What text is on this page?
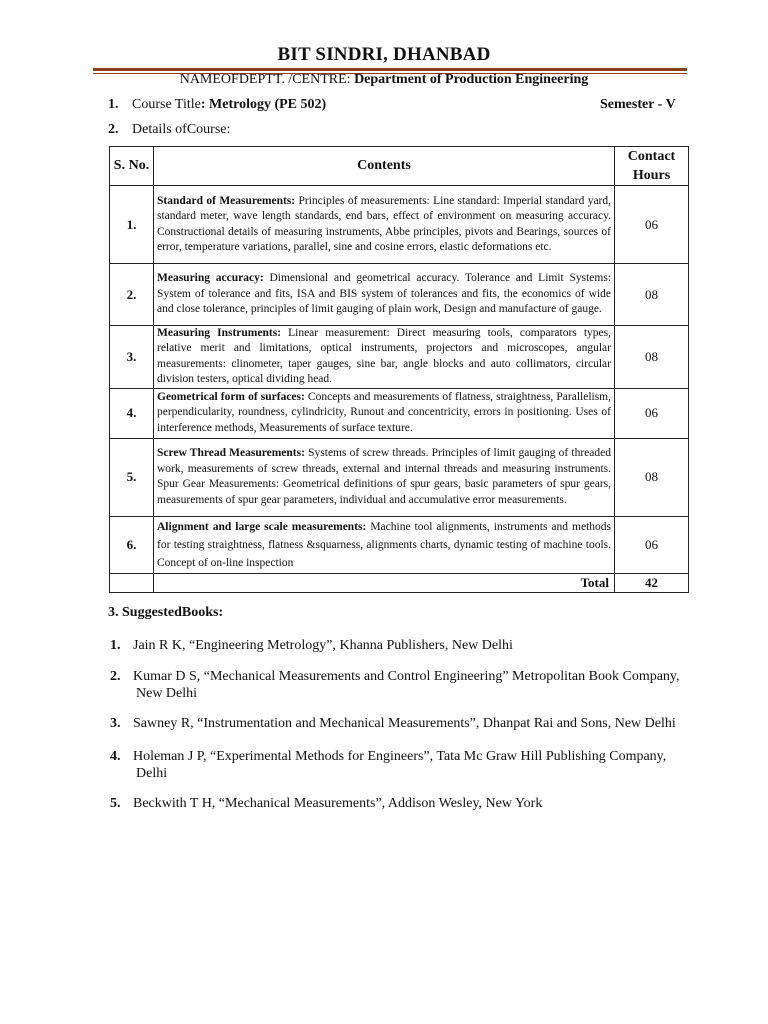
BIT SINDRI, DHANBAD
NAMEOFDEPTT. /CENTRE: Department of Production Engineering
1. Course Title: Metrology (PE 502)	Semester - V
2. Details ofCourse:
S. No.	Contents	Contact Hours
1.	Standard of Measurements: Principles of measurements: Line standard: Imperial standard yard, standard meter, wave length standards, end bars, effect of environment on measuring accuracy. Constructional details of measuring instruments, Abbe principles, pivots and Bearings, sources of error, temperature variations, parallel, sine and cosine errors, elastic deformations etc.	06
2.	Measuring accuracy: Dimensional and geometrical accuracy. Tolerance and Limit Systems: System of tolerance and fits, ISA and BIS system of tolerances and fits, the economics of wide and close tolerance, principles of limit gauging of plain work, Design and manufacture of gauge.	08
3.	Measuring Instruments: Linear measurement: Direct measuring tools, comparators types, relative merit and limitations, optical instruments, projectors and microscopes, angular measurements: clinometer, taper gauges, sine bar, angle blocks and auto collimators, circular division testers, optical dividing head.	08
4.	Geometrical form of surfaces: Concepts and measurements of flatness, straightness, Parallelism, perpendicularity, roundness, cylindricity, Runout and concentricity, errors in positioning. Uses of interference methods, Measurements of surface texture.	06
5.	Screw Thread Measurements: Systems of screw threads. Principles of limit gauging of threaded work, measurements of screw threads, external and internal threads and measuring instruments. Spur Gear Measurements: Geometrical definitions of spur gears, basic parameters of spur gears, measurements of spur gear parameters, individual and accumulative error measurements.	08
6.	Alignment and large scale measurements: Machine tool alignments, instruments and methods for testing straightness, flatness &squarness, alignments charts, dynamic testing of machine tools. Concept of on-line inspection	06
	Total	42
3. SuggestedBooks:
1. Jain R K, “Engineering Metrology”, Khanna Publishers, New Delhi
2. Kumar D S, “Mechanical Measurements and Control Engineering” Metropolitan Book Company,
New Delhi
3. Sawney R, “Instrumentation and Mechanical Measurements”, Dhanpat Rai and Sons, New Delhi
4. Holeman J P, “Experimental Methods for Engineers”, Tata Mc Graw Hill Publishing Company,
Delhi
5. Beckwith T H, “Mechanical Measurements”, Addison Wesley, New York
